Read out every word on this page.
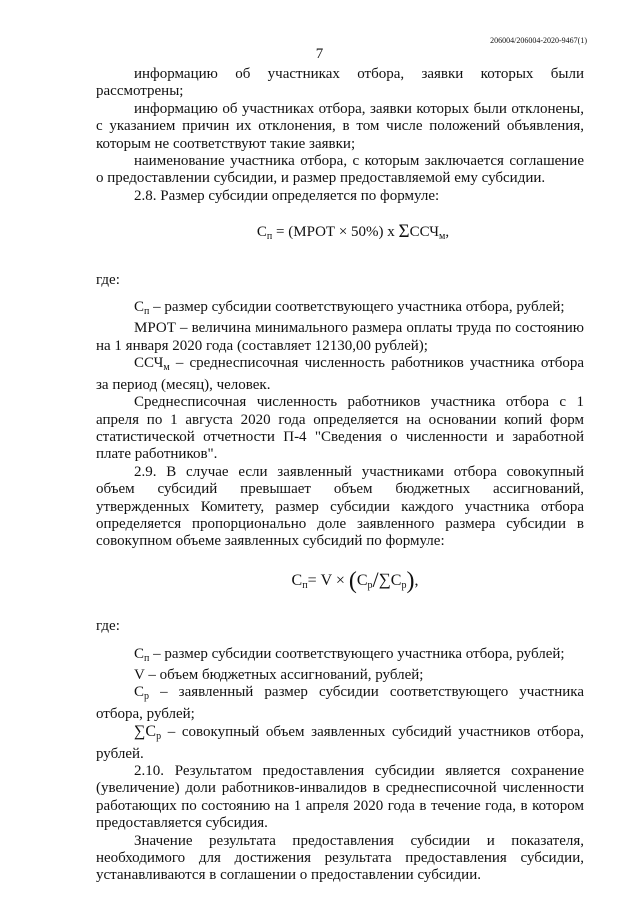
206004/206004-2020-9467(1)
7

информацию об участниках отбора, заявки которых были рассмотрены;

информацию об участниках отбора, заявки которых были отклонены, с указанием причин их отклонения, в том числе положений объявления, которым не соответствуют такие заявки;

наименование участника отбора, с которым заключается соглашение о предоставлении субсидии, и размер предоставляемой ему субсидии.

2.8. Размер субсидии определяется по формуле:

$С_п$ = (МРОТ × 50%) х $\Sigma ССЧ_м$,

где:

$С_п$ – размер субсидии соответствующего участника отбора, рублей;

МРОТ – величина минимального размера оплаты труда по состоянию на 1 января 2020 года (составляет 12130,00 рублей);

$ССЧ_м$ – среднесписочная численность работников участника отбора за период (месяц), человек.

Среднесписочная численность работников участника отбора с 1 апреля по 1 августа 2020 года определяется на основании копий форм статистической отчетности П-4 "Сведения о численности и заработной плате работников".

2.9. В случае если заявленный участниками отбора совокупный объем субсидий превышает объем бюджетных ассигнований, утвержденных Комитету, размер субсидии каждого участника отбора определяется пропорционально доле заявленного размера субсидии в совокупном объеме заявленных субсидий по формуле:

$С_п= V \times (С_р/\sum С_р)$,

где:

$С_п$ – размер субсидии соответствующего участника отбора, рублей;

V – объем бюджетных ассигнований, рублей;

$С_р$ – заявленный размер субсидии соответствующего участника отбора, рублей;

$\sum С_р$ – совокупный объем заявленных субсидий участников отбора, рублей.

2.10. Результатом предоставления субсидии является сохранение (увеличение) доли работников-инвалидов в среднесписочной численности работающих по состоянию на 1 апреля 2020 года в течение года, в котором предоставляется субсидия.

Значение результата предоставления субсидии и показателя, необходимого для достижения результата предоставления субсидии, устанавливаются в соглашении о предоставлении субсидии.
